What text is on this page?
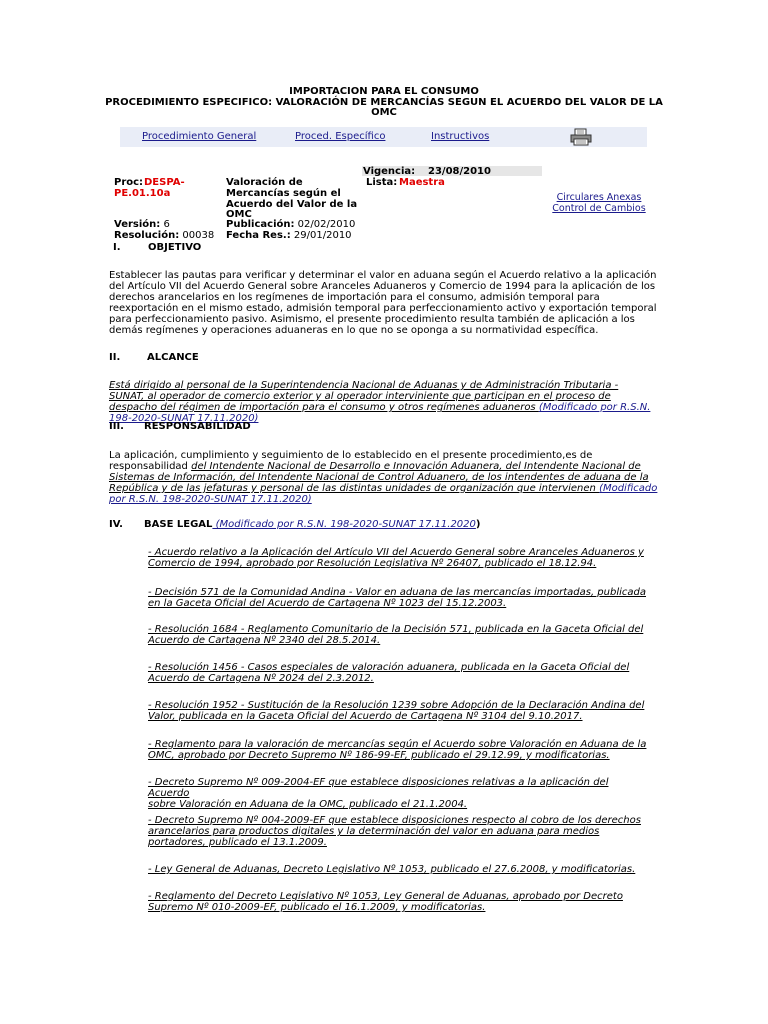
IMPORTACION PARA EL CONSUMO
PROCEDIMIENTO ESPECIFICO: VALORACIÓN DE MERCANCÍAS SEGUN EL ACUERDO DEL VALOR DE LA
OMC
Procedimiento General	Proced. Específico	Instructivos
Vigencia: 23/08/2010
Lista: Maestra
Proc: DESPA-
PE.01.10a
Valoración de
Mercancías según el
Acuerdo del Valor de la
OMC
Circulares Anexas
Control de Cambios
Versión: 6
Resolución: 00038
Publicación: 02/02/2010
Fecha Res.: 29/01/2010
I.	OBJETIVO
Establecer las pautas para verificar y determinar el valor en aduana según el Acuerdo relativo a la aplicación
del Artículo VII del Acuerdo General sobre Aranceles Aduaneros y Comercio de 1994 para la aplicación de los
derechos arancelarios en los regímenes de importación para el consumo, admisión temporal para
reexportación en el mismo estado, admisión temporal para perfeccionamiento activo y exportación temporal
para perfeccionamiento pasivo. Asimismo, el presente procedimiento resulta también de aplicación a los
demás regímenes y operaciones aduaneras en lo que no se oponga a su normatividad específica.
II.	ALCANCE
Está dirigido al personal de la Superintendencia Nacional de Aduanas y de Administración Tributaria -
SUNAT, al operador de comercio exterior y al operador interviniente que participan en el proceso de
despacho del régimen de importación para el consumo y otros regímenes aduaneros (Modificado por R.S.N.
198-2020-SUNAT 17.11.2020)
III. RESPONSABILIDAD
La aplicación, cumplimiento y seguimiento de lo establecido en el presente procedimiento,es de
responsabilidad del Intendente Nacional de Desarrollo e Innovación Aduanera, del Intendente Nacional de
Sistemas de Información, del Intendente Nacional de Control Aduanero, de los intendentes de aduana de la
República y de las jefaturas y personal de las distintas unidades de organización que intervienen (Modificado
por R.S.N. 198-2020-SUNAT 17.11.2020)
IV. BASE LEGAL (Modificado por R.S.N. 198-2020-SUNAT 17.11.2020)
- Acuerdo relativo a la Aplicación del Artículo VII del Acuerdo General sobre Aranceles Aduaneros y
Comercio de 1994, aprobado por Resolución Legislativa Nº 26407, publicado el 18.12.94.
- Decisión 571 de la Comunidad Andina - Valor en aduana de las mercancías importadas, publicada
en la Gaceta Oficial del Acuerdo de Cartagena Nº 1023 del 15.12.2003.
- Resolución 1684 - Reglamento Comunitario de la Decisión 571, publicada en la Gaceta Oficial del
Acuerdo de Cartagena Nº 2340 del 28.5.2014.
- Resolución 1456 - Casos especiales de valoración aduanera, publicada en la Gaceta Oficial del
Acuerdo de Cartagena Nº 2024 del 2.3.2012.
- Resolución 1952 - Sustitución de la Resolución 1239 sobre Adopción de la Declaración Andina del
Valor, publicada en la Gaceta Oficial del Acuerdo de Cartagena Nº 3104 del 9.10.2017.
- Reglamento para la valoración de mercancías según el Acuerdo sobre Valoración en Aduana de la
OMC, aprobado por Decreto Supremo Nº 186-99-EF, publicado el 29.12.99, y modificatorias.
- Decreto Supremo Nº 009-2004-EF que establece disposiciones relativas a la aplicación del Acuerdo
sobre Valoración en Aduana de la OMC, publicado el 21.1.2004.
- Decreto Supremo Nº 004-2009-EF que establece disposiciones respecto al cobro de los derechos
arancelarios para productos digitales y la determinación del valor en aduana para medios
portadores, publicado el 13.1.2009.
- Ley General de Aduanas, Decreto Legislativo Nº 1053, publicado el 27.6.2008, y modificatorias.
- Reglamento del Decreto Legislativo Nº 1053, Ley General de Aduanas, aprobado por Decreto
Supremo Nº 010-2009-EF, publicado el 16.1.2009, y modificatorias.
